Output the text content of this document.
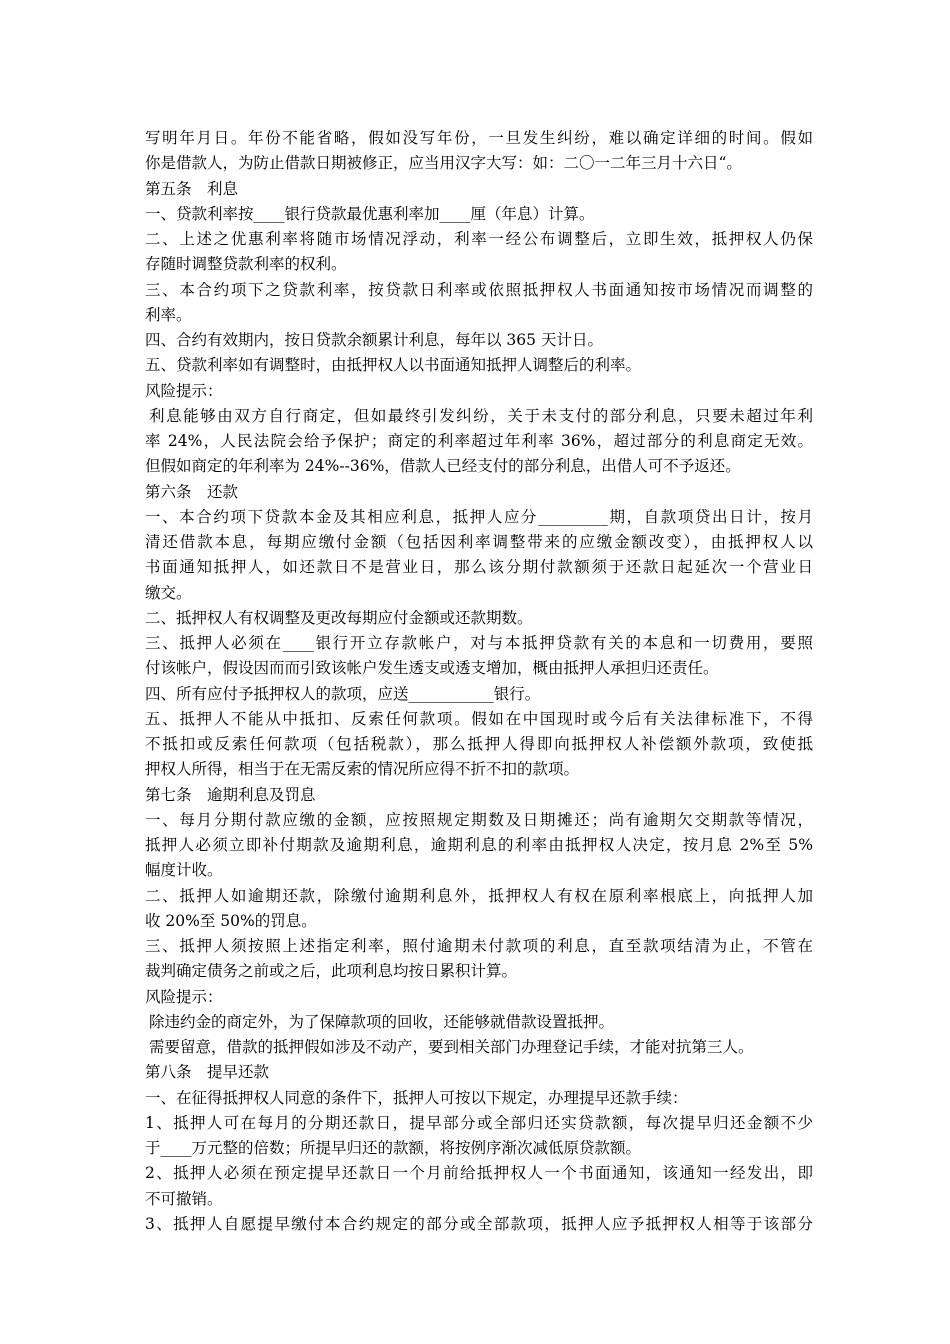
写明年月日。年份不能省略，假如没写年份，一旦发生纠纷，难以确定详细的时间。假如

你是借款人，为防止借款日期被修正，应当用汉字大写：如：二〇一二年三月十六日“。

第五条　利息

一、贷款利率按____银行贷款最优惠利率加____厘（年息）计算。

二、上述之优惠利率将随市场情况浮动，利率一经公布调整后，立即生效，抵押权人仍保

存随时调整贷款利率的权利。

三、本合约项下之贷款利率，按贷款日利率或依照抵押权人书面通知按市场情况而调整的

利率。

四、合约有效期内，按日贷款余额累计利息，每年以 365 天计日。

五、贷款利率如有调整时，由抵押权人以书面通知抵押人调整后的利率。

风险提示：

利息能够由双方自行商定，但如最终引发纠纷，关于未支付的部分利息，只要未超过年利

率 24%，人民法院会给予保护；商定的利率超过年利率 36%，超过部分的利息商定无效。

但假如商定的年利率为 24%--36%，借款人已经支付的部分利息，出借人可不予返还。

第六条　还款

一、本合约项下贷款本金及其相应利息，抵押人应分_________期，自款项贷出日计，按月

清还借款本息，每期应缴付金额（包括因利率调整带来的应缴金额改变），由抵押权人以

书面通知抵押人，如还款日不是营业日，那么该分期付款额须于还款日起延次一个营业日

缴交。

二、抵押权人有权调整及更改每期应付金额或还款期数。

三、抵押人必须在____银行开立存款帐户，对与本抵押贷款有关的本息和一切费用，要照

付该帐户，假设因而而引致该帐户发生透支或透支增加，概由抵押人承担归还责任。

四、所有应付予抵押权人的款项，应送___________银行。

五、抵押人不能从中抵扣、反索任何款项。假如在中国现时或今后有关法律标准下，不得

不抵扣或反索任何款项（包括税款），那么抵押人得即向抵押权人补偿额外款项，致使抵

押权人所得，相当于在无需反索的情况所应得不折不扣的款项。

第七条　逾期利息及罚息

一、每月分期付款应缴的金额，应按照规定期数及日期摊还；尚有逾期欠交期款等情况，

抵押人必须立即补付期款及逾期利息，逾期利息的利率由抵押权人决定，按月息 2%至 5%

幅度计收。

二、抵押人如逾期还款，除缴付逾期利息外，抵押权人有权在原利率根底上，向抵押人加

收 20%至 50%的罚息。

三、抵押人须按照上述指定利率，照付逾期未付款项的利息，直至款项结清为止，不管在

裁判确定债务之前或之后，此项利息均按日累积计算。

风险提示：

除违约金的商定外，为了保障款项的回收，还能够就借款设置抵押。

需要留意，借款的抵押假如涉及不动产，要到相关部门办理登记手续，才能对抗第三人。

第八条　提早还款

一、在征得抵押权人同意的条件下，抵押人可按以下规定，办理提早还款手续：

1、抵押人可在每月的分期还款日，提早部分或全部归还实贷款额，每次提早归还金额不少

于____万元整的倍数；所提早归还的款额，将按例序渐次减低原贷款额。

2、抵押人必须在预定提早还款日一个月前给抵押权人一个书面通知，该通知一经发出，即

不可撤销。

3、抵押人自愿提早缴付本合约规定的部分或全部款项，抵押人应予抵押权人相等于该部分
